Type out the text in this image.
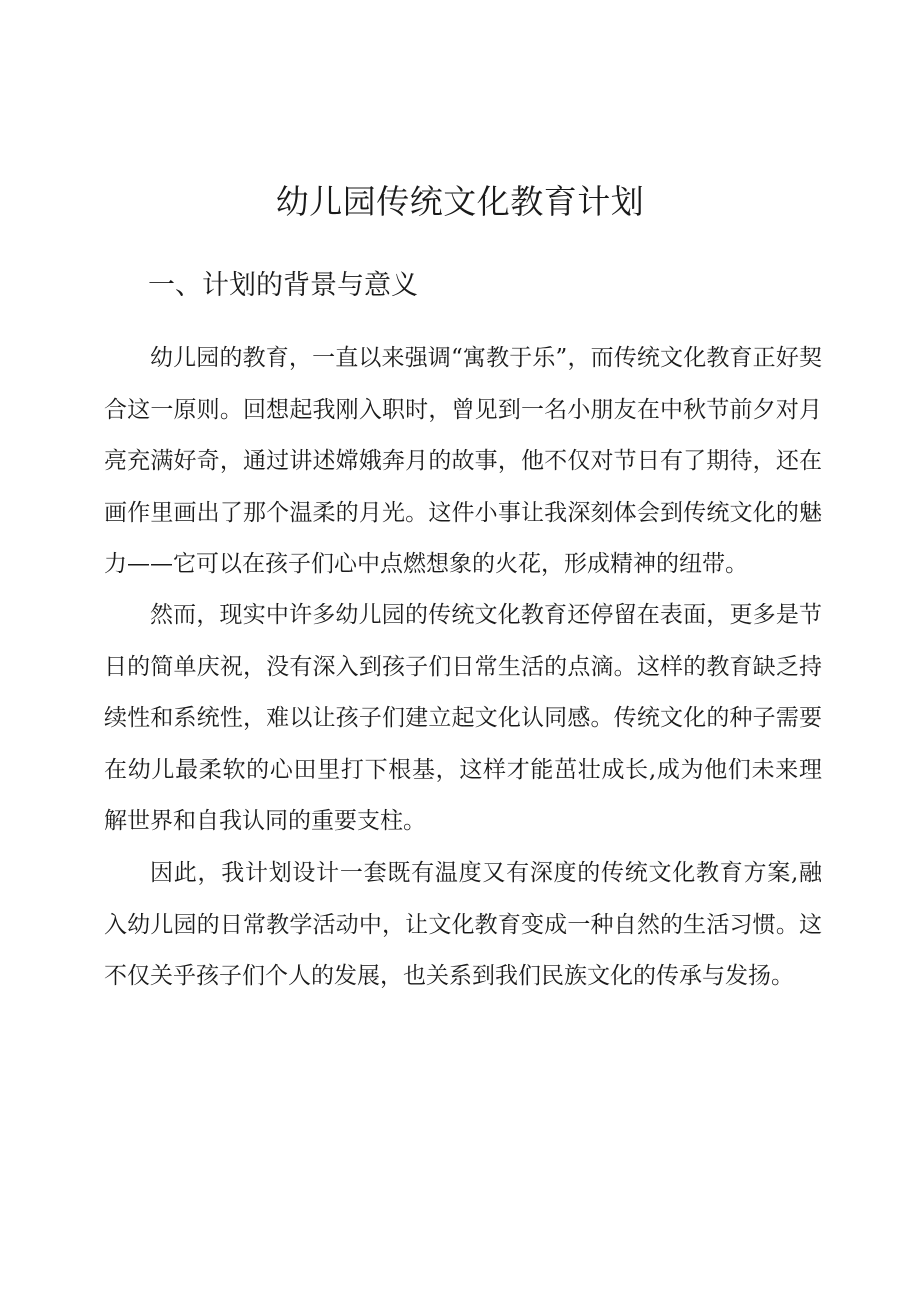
幼儿园传统文化教育计划
一、计划的背景与意义

幼儿园的教育，一直以来强调“寓教于乐”，而传统文化教育正好契合这一原则。回想起我刚入职时，曾见到一名小朋友在中秋节前夕对月亮充满好奇，通过讲述嫦娥奔月的故事，他不仅对节日有了期待，还在画作里画出了那个温柔的月光。这件小事让我深刻体会到传统文化的魅力——它可以在孩子们心中点燃想象的火花，形成精神的纽带。

然而，现实中许多幼儿园的传统文化教育还停留在表面，更多是节日的简单庆祝，没有深入到孩子们日常生活的点滴。这样的教育缺乏持续性和系统性，难以让孩子们建立起文化认同感。传统文化的种子需要在幼儿最柔软的心田里打下根基，这样才能茁壮成长,成为他们未来理解世界和自我认同的重要支柱。

因此，我计划设计一套既有温度又有深度的传统文化教育方案,融入幼儿园的日常教学活动中，让文化教育变成一种自然的生活习惯。这不仅关乎孩子们个人的发展，也关系到我们民族文化的传承与发扬。
